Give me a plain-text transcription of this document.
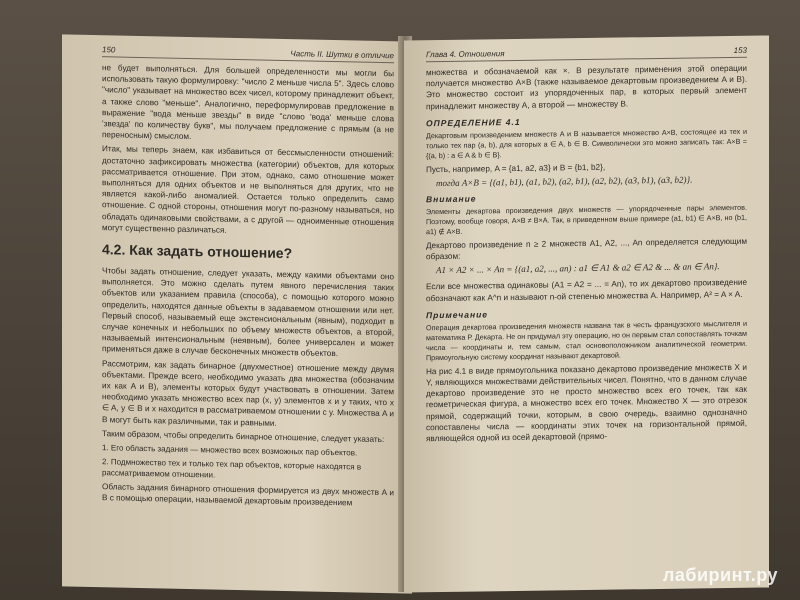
150	Часть II. Шутки в отличие

не будет выполняться. Для большей определенности мы могли бы использовать такую формулировку: "число 2 меньше числа 5". Здесь слово "число" указывает на множество всех чисел, которому принадлежит объект, а также слово "меньше". Аналогично, переформулировав предложение в выражение "вода меньше звезды" в виде "слово 'вода' меньше слова 'звезда' по количеству букв", мы получаем предложение с прямым (а не переносным) смыслом.

Итак, мы теперь знаем, как избавиться от бессмысленности отношений: достаточно зафиксировать множества (категории) объектов, для которых рассматривается отношение. При этом, однако, само отношение может выполняться для одних объектов и не выполняться для других, что не является какой-либо аномалией. Остается только определить само отношение. С одной стороны, отношения могут по-разному называться, но обладать одинаковыми свойствами, а с другой — одноименные отношения могут существенно различаться.

4.2. Как задать отношение?

Чтобы задать отношение, следует указать, между какими объектами оно выполняется. Это можно сделать путем явного перечисления таких объектов или указанием правила (способа), с помощью которого можно определить, находятся данные объекты в задаваемом отношении или нет. Первый способ, называемый еще экстенсиональным (явным), подходит в случае конечных и небольших по объему множеств объектов, а второй, называемый интенсиональным (неявным), более универсален и может применяться даже в случае бесконечных множеств объектов.

Рассмотрим, как задать бинарное (двухместное) отношение между двумя объектами. Прежде всего, необходимо указать два множества (обозначим их как A и B), элементы которых будут участвовать в отношении. Затем необходимо указать множество всех пар (x, y) элементов x и y таких, что x ∈ A, y ∈ B и x находится в рассматриваемом отношении с y. Множества A и B могут быть как различными, так и равными.

Таким образом, чтобы определить бинарное отношение, следует указать:

1. Его область задания — множество всех возможных пар объектов.
2. Подмножество тех и только тех пар объектов, которые находятся в рассматриваемом отношении.

Область задания бинарного отношения формируется из двух множеств A и B с помощью операции, называемой декартовым произведением

Глава 4. Отношения	153

множества и обозначаемой как ×. В результате применения этой операции получается множество A×B (также называемое декартовым произведением A и B). Это множество состоит из упорядоченных пар, в которых первый элемент принадлежит множеству A, а второй — множеству B.

ОПРЕДЕЛЕНИЕ 4.1

Декартовым произведением множеств A и B называется множество A×B, состоящее из тех и только тех пар (a, b), для которых a ∈ A, b ∈ B. Символически это можно записать так: A×B = {(a, b) : a ∈ A & b ∈ B}.

Пусть, например, A = {a1, a2, a3} и B = {b1, b2},

тогда A×B = {(a1, b1), (a1, b2), (a2, b1), (a2, b2), (a3, b1), (a3, b2)}.
Внимание

Элементы декартова произведения двух множеств — упорядоченные пары элементов. Поэтому, вообще говоря, A×B ≠ B×A. Так, в приведенном выше примере (a1, b1) ∈ A×B, но (b1, a1) ∉ A×B.

Декартово произведение n ≥ 2 множеств A1, A2, ..., An определяется следующим образом:

A1 × A2 × ... × An = {(a1, a2, ..., an) : a1 ∈ A1 & a2 ∈ A2 & ... & an ∈ An}.

Если все множества одинаковы (A1 = A2 = ... = An), то их декартово произведение обозначают как A^n и называют n-ой степенью множества A. Например, A² = A × A.

Примечание

Операция декартова произведения множеств названа так в честь французского мыслителя и математика Р. Декарта. Не он придумал эту операцию, но он первым стал сопоставлять точкам числа — координаты и, тем самым, стал основоположником аналитической геометрии. Прямоугольную систему координат называют декартовой.

На рис 4.1 в виде прямоугольника показано декартово произведение множеств X и Y, являющихся множествами действительных чисел. Понятно, что в данном случае декартово произведение это не просто множество всех его точек, так как геометрическая фигура, а множество всех его точек. Множество X — это отрезок прямой, содержащий точки, которым, в свою очередь, взаимно однозначно сопоставлены числа — координаты этих точек на горизонтальной прямой, являющейся одной из осей декартовой (прямо-

лабиринт.ру
